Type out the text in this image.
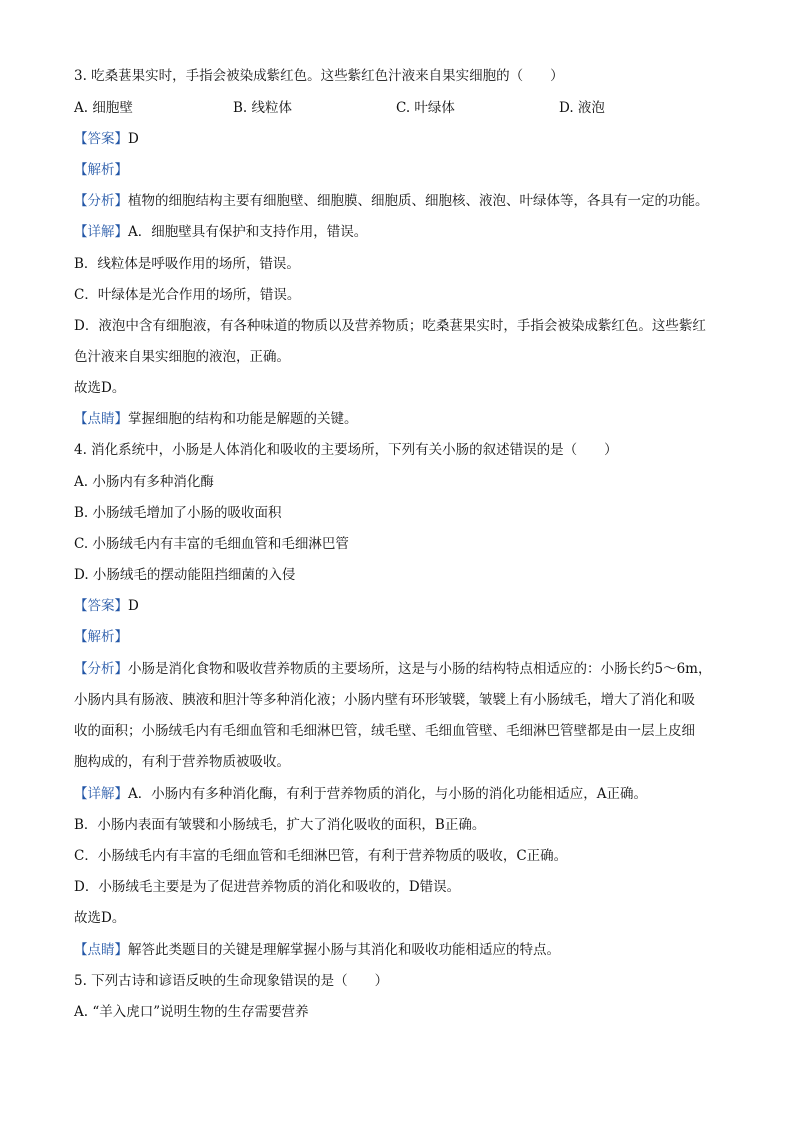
3. 吃桑葚果实时，手指会被染成紫红色。这些紫红色汁液来自果实细胞的（　　）
A. 细胞壁	B. 线粒体	C. 叶绿体	D. 液泡
【答案】D
【解析】
【分析】植物的细胞结构主要有细胞壁、细胞膜、细胞质、细胞核、液泡、叶绿体等，各具有一定的功能。
【详解】A．细胞壁具有保护和支持作用，错误。
B．线粒体是呼吸作用的场所，错误。
C．叶绿体是光合作用的场所，错误。
D．液泡中含有细胞液，有各种味道的物质以及营养物质；吃桑葚果实时，手指会被染成紫红色。这些紫红
色汁液来自果实细胞的液泡，正确。
故选D。
【点睛】掌握细胞的结构和功能是解题的关键。
4. 消化系统中，小肠是人体消化和吸收的主要场所，下列有关小肠的叙述错误的是（　　）
A. 小肠内有多种消化酶
B. 小肠绒毛增加了小肠的吸收面积
C. 小肠绒毛内有丰富的毛细血管和毛细淋巴管
D. 小肠绒毛的摆动能阻挡细菌的入侵
【答案】D
【解析】
【分析】小肠是消化食物和吸收营养物质的主要场所，这是与小肠的结构特点相适应的：小肠长约5～6m，
小肠内具有肠液、胰液和胆汁等多种消化液；小肠内壁有环形皱襞，皱襞上有小肠绒毛，增大了消化和吸
收的面积；小肠绒毛内有毛细血管和毛细淋巴管，绒毛壁、毛细血管壁、毛细淋巴管壁都是由一层上皮细
胞构成的，有利于营养物质被吸收。
【详解】A．小肠内有多种消化酶，有利于营养物质的消化，与小肠的消化功能相适应，A正确。
B．小肠内表面有皱襞和小肠绒毛，扩大了消化吸收的面积，B正确。
C．小肠绒毛内有丰富的毛细血管和毛细淋巴管，有利于营养物质的吸收，C正确。
D．小肠绒毛主要是为了促进营养物质的消化和吸收的，D错误。
故选D。
【点睛】解答此类题目的关键是理解掌握小肠与其消化和吸收功能相适应的特点。
5. 下列古诗和谚语反映的生命现象错误的是（　　）
A. “羊入虎口”说明生物的生存需要营养
